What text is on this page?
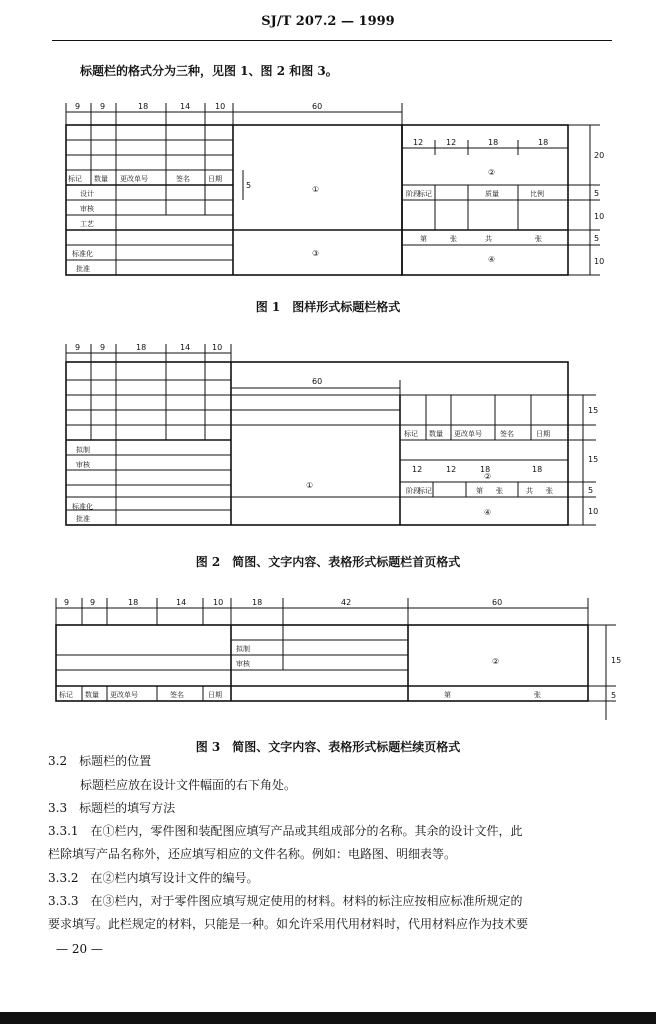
SJ/T 207.2 — 1999
标题栏的格式分为三种，见图 1、图 2 和图 3。
9 9	18	14	10	60
12	12	18	18
20
5
10
5
10
5
标记 数量 更改单号	签名	日期
设计
审核
工艺
标准化
批准
阶段
标记	质量	比例
第	张	共	张
①
②
③
④
图 1　图样形式标题栏格式
9 9	18	14	10
60
12	12	18	18
15
15
5
10
拟制
审核
标准化
批准
标记 数量 更改单号	签名	日期
阶段
标记	第 张	共 张
①
②
④
图 2　简图、文字内容、表格形式标题栏首页格式
9	9	18	14	10	18	42	60
15
5
标记 数量 更改单号	签名	日期
拟制
审核
第	张
②
图 3　简图、文字内容、表格形式标题栏续页格式
3.2　标题栏的位置
标题栏应放在设计文件幅面的右下角处。
3.3　标题栏的填写方法
3.3.1　在①栏内，零件图和装配图应填写产品或其组成部分的名称。其余的设计文件，此
栏除填写产品名称外，还应填写相应的文件名称。例如：电路图、明细表等。
3.3.2　在②栏内填写设计文件的编号。
3.3.3　在③栏内，对于零件图应填写规定使用的材料。材料的标注应按相应标准所规定的
要求填写。此栏规定的材料，只能是一种。如允许采用代用材料时，代用材料应作为技术要
— 20 —
